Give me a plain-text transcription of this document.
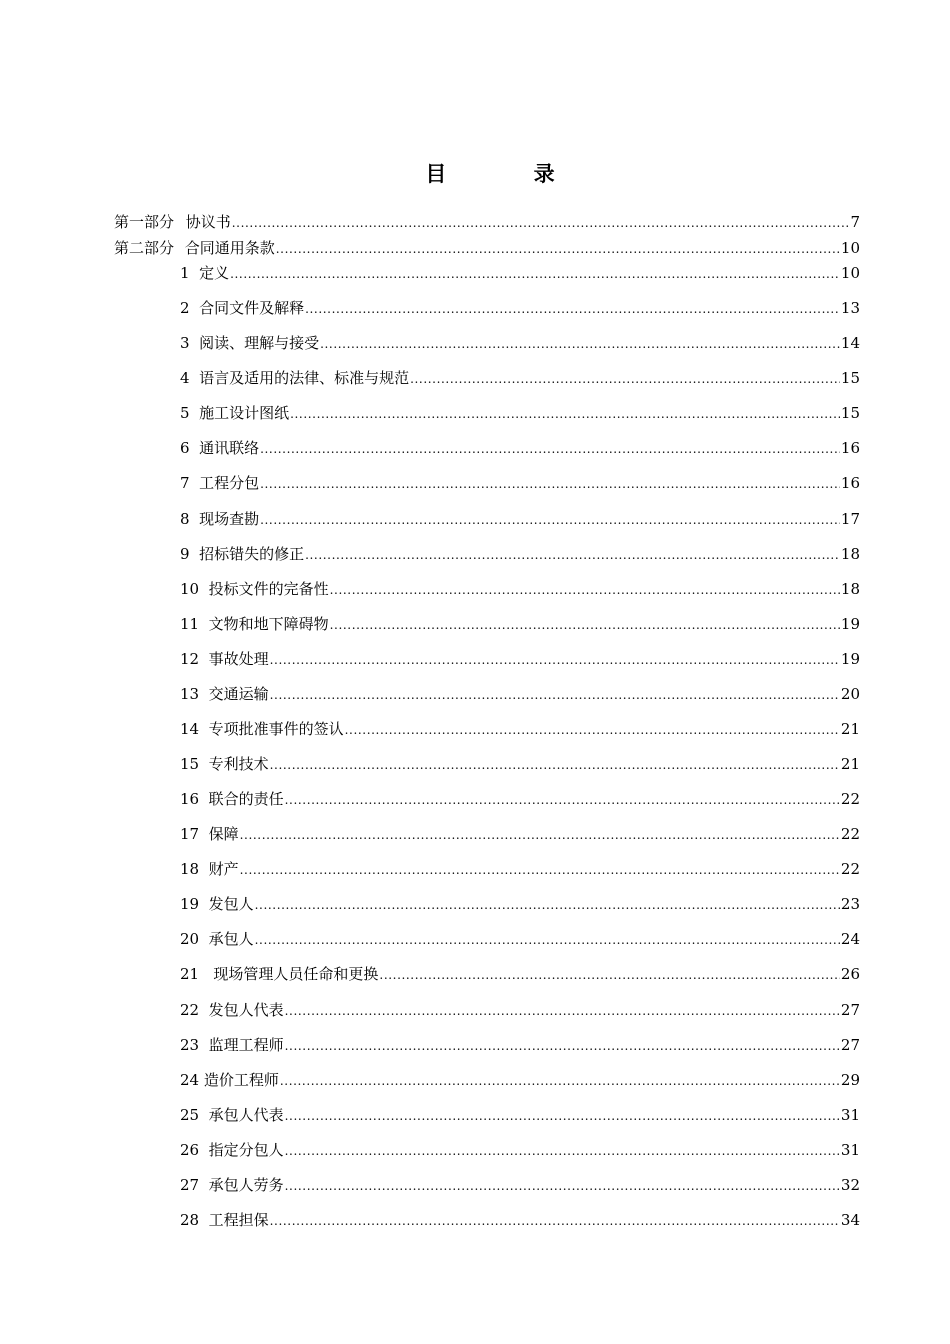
目 录
第一部分 协议书 .....	7
第二部分 合同通用条款 .....	10
1  定义 .....	10
2  合同文件及解释 .....	13
3  阅读、理解与接受 .....	14
4  语言及适用的法律、标准与规范 .....	15
5  施工设计图纸 .....	15
6  通讯联络 .....	16
7  工程分包 .....	16
8  现场查勘 .....	17
9  招标错失的修正 .....	18
10  投标文件的完备性 .....	18
11  文物和地下障碍物 .....	19
12  事故处理 .....	19
13  交通运输 .....	20
14  专项批准事件的签认 .....	21
15  专利技术 .....	21
16  联合的责任 .....	22
17  保障 .....	22
18  财产 .....	22
19  发包人 .....	23
20  承包人 .....	24
21   现场管理人员任命和更换 .....	26
22  发包人代表 .....	27
23  监理工程师 .....	27
24 造价工程师 .....	29
25  承包人代表 .....	31
26  指定分包人 .....	31
27  承包人劳务 .....	32
28  工程担保 .....	34
